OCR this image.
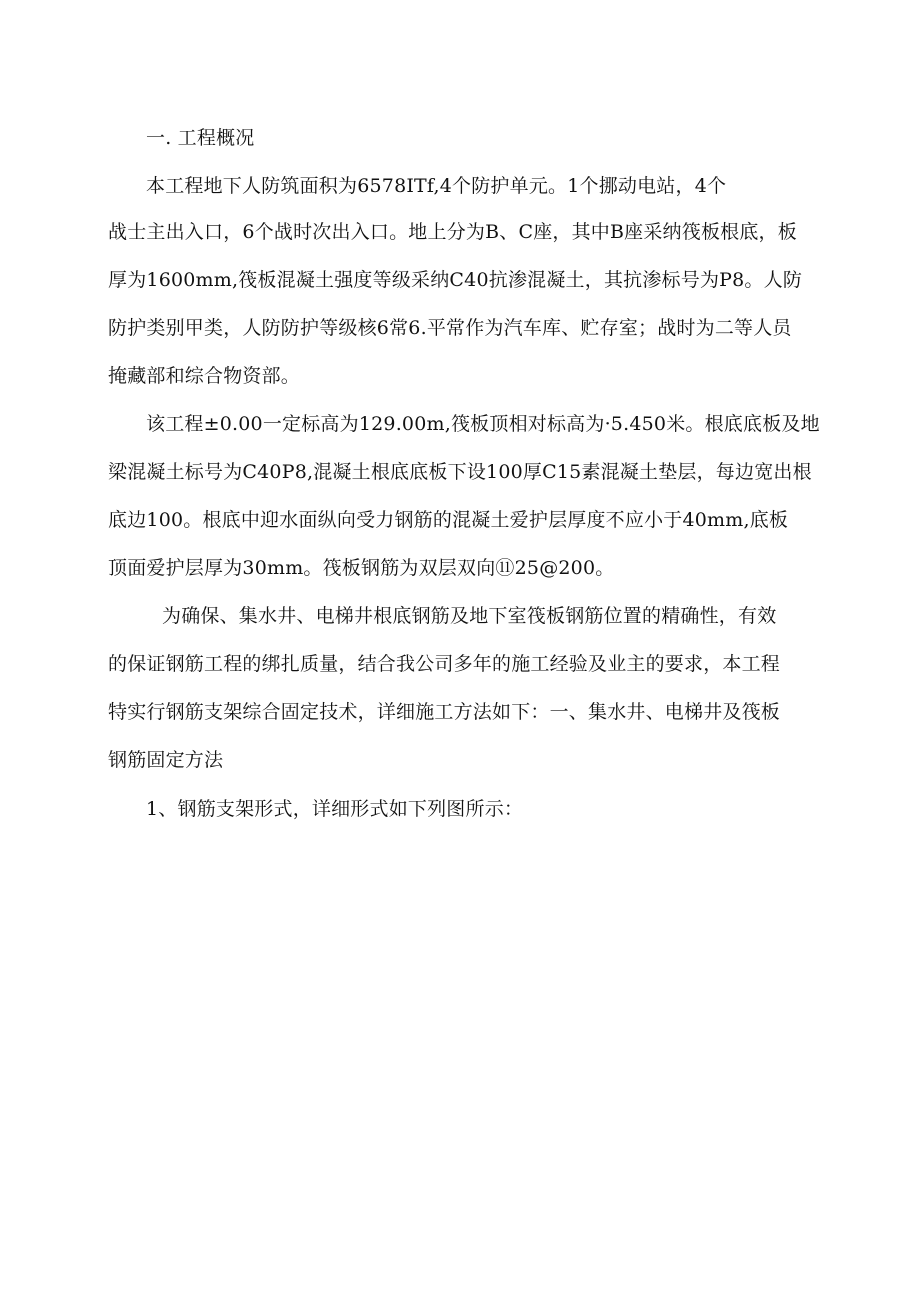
一. 工程概况
本工程地下人防筑面积为6578ITf,4个防护单元。1个挪动电站，4个
战士主出入口，6个战时次出入口。地上分为B、C座，其中B座采纳筏板根底，板
厚为1600mm,筏板混凝土强度等级采纳C40抗渗混凝土，其抗渗标号为P8。人防
防护类别甲类，人防防护等级核6常6.平常作为汽车库、贮存室；战时为二等人员
掩藏部和综合物资部。
该工程±0.00一定标高为129.00m,筏板顶相对标高为·5.450米。根底底板及地
梁混凝土标号为C40P8,混凝土根底底板下设100厚C15素混凝土垫层，每边宽出根
底边100。根底中迎水面纵向受力钢筋的混凝土爱护层厚度不应小于40mm,底板
顶面爱护层厚为30mm。筏板钢筋为双层双向⑪25@200。
为确保、集水井、电梯井根底钢筋及地下室筏板钢筋位置的精确性，有效
的保证钢筋工程的绑扎质量，结合我公司多年的施工经验及业主的要求，本工程
特实行钢筋支架综合固定技术，详细施工方法如下：一、集水井、电梯井及筏板
钢筋固定方法
1、钢筋支架形式，详细形式如下列图所示：
